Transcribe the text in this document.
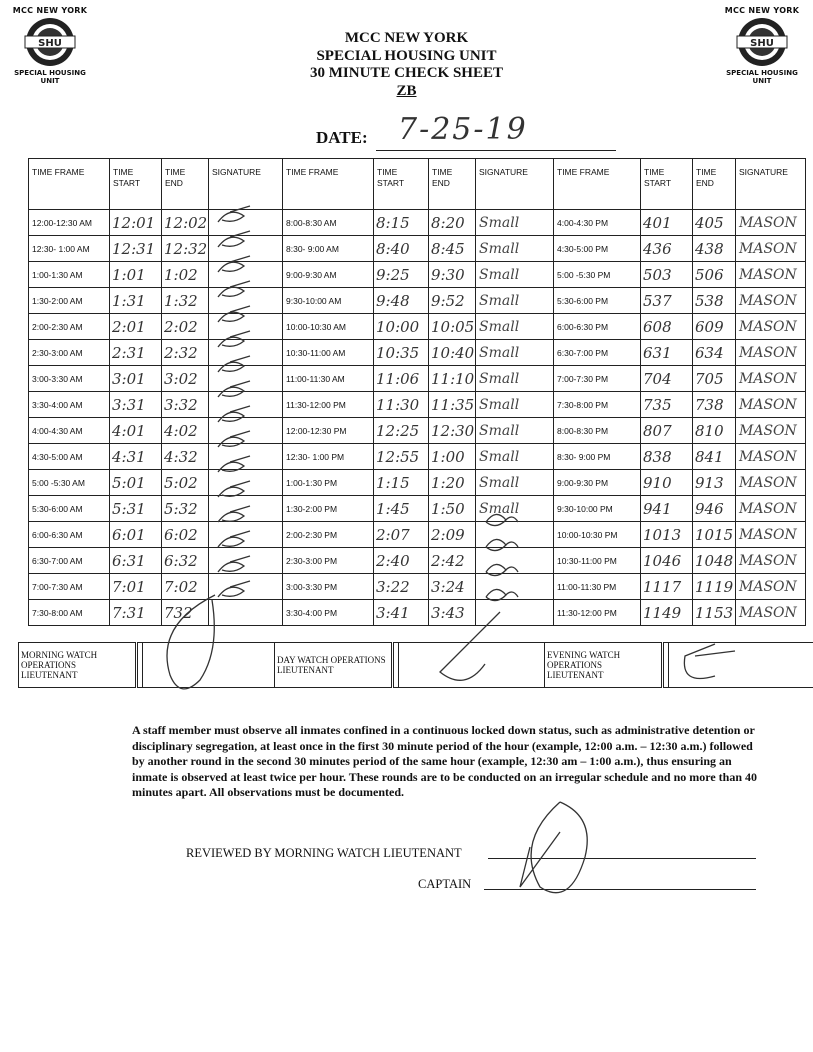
MCC NEW YORK
SHU
SPECIAL HOUSING UNIT
MCC NEW YORK
SHU
SPECIAL HOUSING UNIT
MCC NEW YORK
SPECIAL HOUSING UNIT
30 MINUTE CHECK SHEET
ZB
DATE: 7-25-19
TIME FRAME	TIME START	TIME END	SIGNATURE	TIME FRAME	TIME START	TIME END	SIGNATURE	TIME FRAME	TIME START	TIME END	SIGNATURE
12:00-12:30 AM	12:01	12:02		8:00-8:30 AM	8:15	8:20	Small	4:00-4:30 PM	401	405	MASON
12:30- 1:00 AM	12:31	12:32		8:30- 9:00 AM	8:40	8:45	Small	4:30-5:00 PM	436	438	MASON
1:00-1:30 AM	1:01	1:02		9:00-9:30 AM	9:25	9:30	Small	5:00 -5:30 PM	503	506	MASON
1:30-2:00 AM	1:31	1:32		9:30-10:00 AM	9:48	9:52	Small	5:30-6:00 PM	537	538	MASON
2:00-2:30 AM	2:01	2:02		10:00-10:30 AM	10:00	10:05	Small	6:00-6:30 PM	608	609	MASON
2:30-3:00 AM	2:31	2:32		10:30-11:00 AM	10:35	10:40	Small	6:30-7:00 PM	631	634	MASON
3:00-3:30 AM	3:01	3:02		11:00-11:30 AM	11:06	11:10	Small	7:00-7:30 PM	704	705	MASON
3:30-4:00 AM	3:31	3:32		11:30-12:00 PM	11:30	11:35	Small	7:30-8:00 PM	735	738	MASON
4:00-4:30 AM	4:01	4:02		12:00-12:30 PM	12:25	12:30	Small	8:00-8:30 PM	807	810	MASON
4:30-5:00 AM	4:31	4:32		12:30- 1:00 PM	12:55	1:00	Small	8:30- 9:00 PM	838	841	MASON
5:00 -5:30 AM	5:01	5:02		1:00-1:30 PM	1:15	1:20	Small	9:00-9:30 PM	910	913	MASON
5:30-6:00 AM	5:31	5:32		1:30-2:00 PM	1:45	1:50	Small	9:30-10:00 PM	941	946	MASON
6:00-6:30 AM	6:01	6:02		2:00-2:30 PM	2:07	2:09		10:00-10:30 PM	1013	1015	MASON
6:30-7:00 AM	6:31	6:32		2:30-3:00 PM	2:40	2:42		10:30-11:00 PM	1046	1048	MASON
7:00-7:30 AM	7:01	7:02		3:00-3:30 PM	3:22	3:24		11:00-11:30 PM	1117	1119	MASON
7:30-8:00 AM	7:31	732		3:30-4:00 PM	3:41	3:43		11:30-12:00 PM	1149	1153	MASON
MORNING WATCH OPERATIONS LIEUTENANT			DAY WATCH OPERATIONS LIEUTENANT			EVENING WATCH OPERATIONS LIEUTENANT		
A staff member must observe all inmates confined in a continuous locked down status, such as administrative detention or disciplinary segregation, at least once in the first 30 minute period of the hour (example, 12:00 a.m. – 12:30 a.m.) followed by another round in the second 30 minutes period of the same hour (example, 12:30 am – 1:00 a.m.), thus ensuring an inmate is observed at least twice per hour. These rounds are to be conducted on an irregular schedule and no more than 40 minutes apart. All observations must be documented.
REVIEWED BY MORNING WATCH LIEUTENANT
CAPTAIN
